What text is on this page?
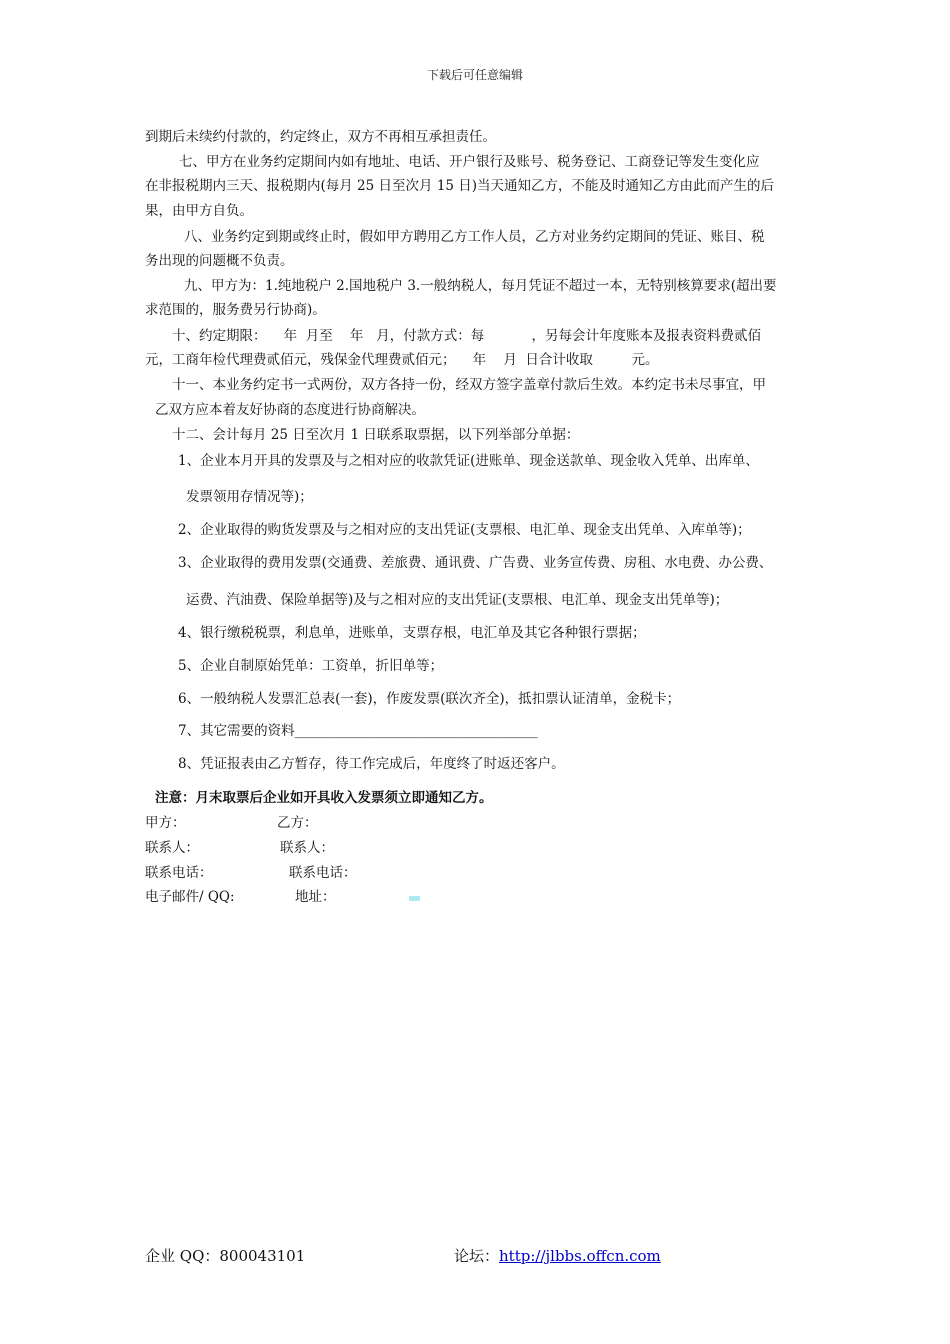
下载后可任意编辑
到期后未续约付款的，约定终止，双方不再相互承担责任。
七、甲方在业务约定期间内如有地址、电话、开户银行及账号、税务登记、工商登记等发生变化应
在非报税期内三天、报税期内(每月 25 日至次月 15 日)当天通知乙方，不能及时通知乙方由此而产生的后
果，由甲方自负。
八、业务约定到期或终止时，假如甲方聘用乙方工作人员，乙方对业务约定期间的凭证、账目、税
务出现的问题概不负责。
九、甲方为：1.纯地税户 2.国地税户 3.一般纳税人，每月凭证不超过一本，无特别核算要求(超出要
求范围的，服务费另行协商)。
十、约定期限：    年  月至    年   月，付款方式：每           ，另每会计年度账本及报表资料费贰佰
元，工商年检代理费贰佰元，残保金代理费贰佰元；    年    月  日合计收取         元。
十一、本业务约定书一式两份，双方各持一份，经双方签字盖章付款后生效。本约定书未尽事宜，甲
乙双方应本着友好协商的态度进行协商解决。
十二、会计每月 25 日至次月 1 日联系取票据，以下列举部分单据：
1、企业本月开具的发票及与之相对应的收款凭证(进账单、现金送款单、现金收入凭单、出库单、
发票领用存情况等)；
2、企业取得的购货发票及与之相对应的支出凭证(支票根、电汇单、现金支出凭单、入库单等)；
3、企业取得的费用发票(交通费、差旅费、通讯费、广告费、业务宣传费、房租、水电费、办公费、
运费、汽油费、保险单据等)及与之相对应的支出凭证(支票根、电汇单、现金支出凭单等)；
4、银行缴税税票，利息单，进账单，支票存根，电汇单及其它各种银行票据；
5、企业自制原始凭单：工资单，折旧单等；
6、一般纳税人发票汇总表(一套)，作废发票(联次齐全)，抵扣票认证清单，金税卡；
7、其它需要的资料____________________________________
8、凭证报表由乙方暂存，待工作完成后，年度终了时返还客户。
注意：月末取票后企业如开具收入发票须立即通知乙方。
甲方：	乙方：
联系人：	联系人：
联系电话：	联系电话：
电子邮件/ QQ:	地址：
企业 QQ：800043101	论坛：http://jlbbs.offcn.com
